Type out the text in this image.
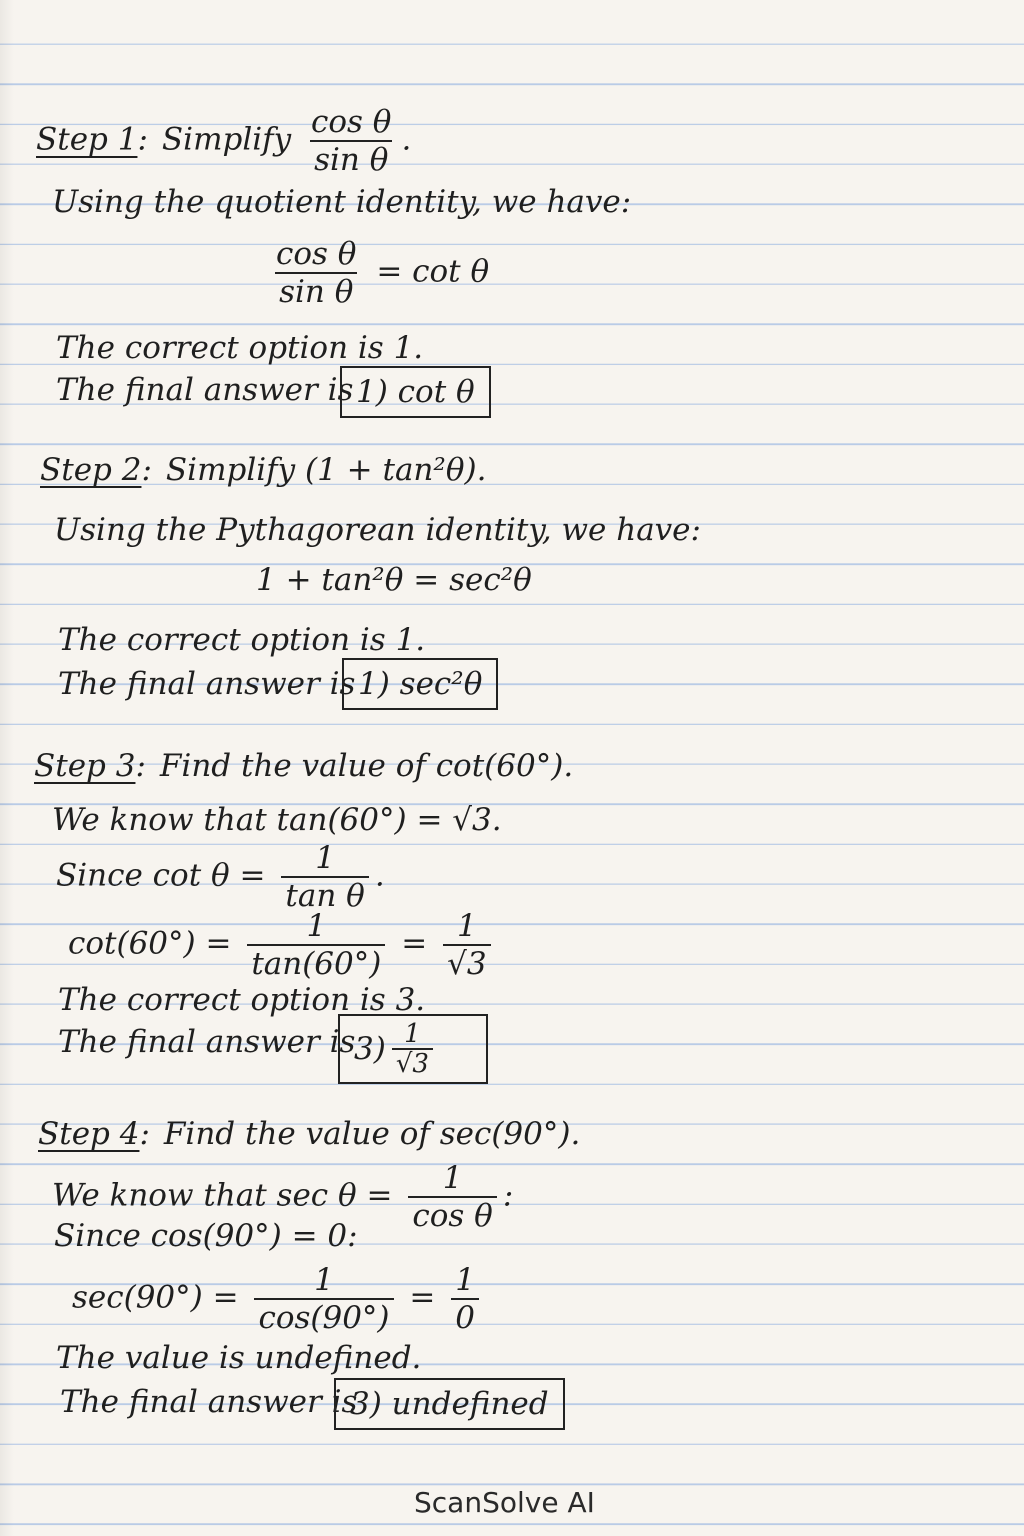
Step 1: Simplify $\frac{\text{cos θ}}{\text{sin θ}}$ .
Using the quotient identity, we have:
$\frac{\text{cos θ}}{\text{sin θ}} = \cot \theta$
The correct option is 1.
The final answer is 1) cot θ
Step 2: Simplify (1 + tan²θ).
Using the Pythagorean identity, we have:
1 + tan²θ = sec²θ
The correct option is 1.
The final answer is 1) sec²θ
Step 3: Find the value of cot(60°).
We know that tan(60°) = √3.
Since $\cot \theta = \frac{1}{\text{tan θ}}$ .
$\cot(60^\circ) = \frac{1}{\tan(60^\circ)} = \frac{1}{√3}$
The correct option is 3.
The final answer is
$3) \frac{1}{√3}$
Step 4: Find the value of sec(90°).
We know that $\sec \theta = \frac{1}{\text{cos θ}}$ :
Since cos(90°) = 0:
$\sec(90^\circ) = \frac{1}{\cos(90^\circ)} = \frac{1}{0}$
The value is undefined.
The final answer is
3) undefined
ScanSolve AI
